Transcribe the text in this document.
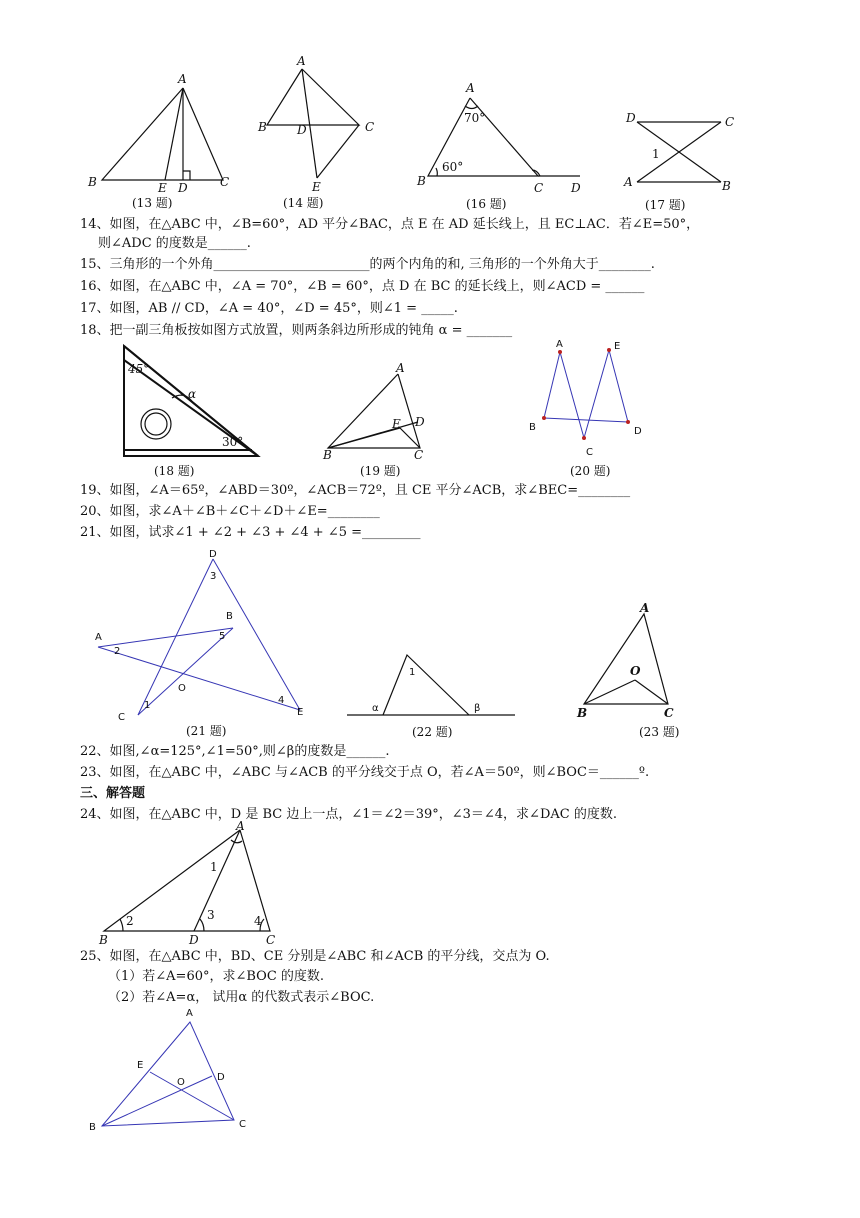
A
B	E D	C
(13 题)
A
B	D	C
E
(14 题)
A
70°
60°
B	C D
(16 题)
D	C
1
A	B
(17 题)
14、如图，在△ABC 中，∠B=60°，AD 平分∠BAC，点 E 在 AD 延长线上，且 EC⊥AC．若∠E=50°，
则∠ADC 的度数是______.
15、三角形的一个外角________________________的两个内角的和, 三角形的一个外角大于________.
16、如图，在△ABC 中，∠A = 70°，∠B = 60°，点 D 在 BC 的延长线上，则∠ACD = ______
17、如图，AB // CD，∠A = 40°，∠D = 45°，则∠1 = _____.
18、把一副三角板按如图方式放置，则两条斜边所形成的钝角 α = _______
45°
α
30°
(18 题)
A
E D
B	C
(19 题)
A	E
B
C
D
(20 题)
19、如图，∠A＝65º，∠ABD＝30º，∠ACB＝72º，且 CE 平分∠ACB，求∠BEC=________
20、如图，求∠A＋∠B＋∠C＋∠D＋∠E=________
21、如图，试求∠1 + ∠2 + ∠3 + ∠4 + ∠5 =_________
D
3
B
5
A
2
O
1
C
4
E
(21 题)
1
α	β
(22 题)
A
O
B	C
(23 题)
22、如图,∠α=125°,∠1=50°,则∠β的度数是______.
23、如图，在△ABC 中，∠ABC 与∠ACB 的平分线交于点 O，若∠A＝50º，则∠BOC＝______º.
三、解答题
24、如图，在△ABC 中，D 是 BC 边上一点，∠1＝∠2＝39°，∠3＝∠4，求∠DAC 的度数.
A
1
2	3	4
B	D	C
25、如图，在△ABC 中，BD、CE 分别是∠ABC 和∠ACB 的平分线，交点为 O.
（1）若∠A=60°，求∠BOC 的度数.
（2）若∠A=α， 试用α 的代数式表示∠BOC.
A
E
O	D
B	C
